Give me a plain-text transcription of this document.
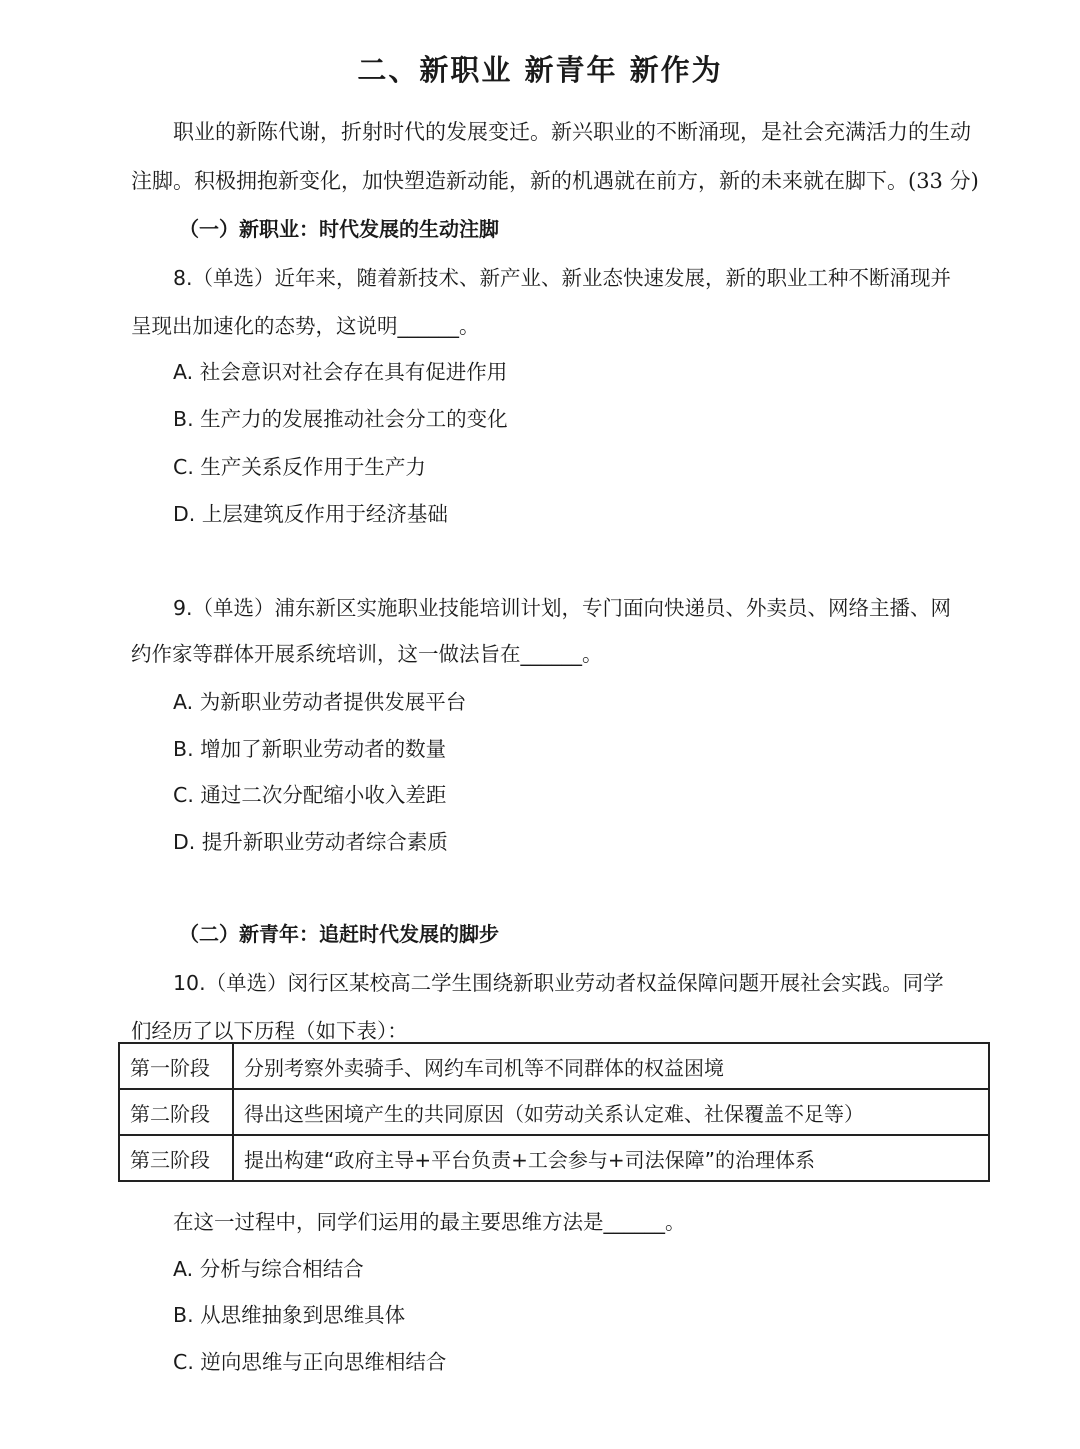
二、新职业 新青年 新作为
职业的新陈代谢，折射时代的发展变迁。新兴职业的不断涌现，是社会充满活力的生动
注脚。积极拥抱新变化，加快塑造新动能，新的机遇就在前方，新的未来就在脚下。(33 分)
（一）新职业：时代发展的生动注脚
8.（单选）近年来，随着新技术、新产业、新业态快速发展，新的职业工种不断涌现并
呈现出加速化的态势，这说明______。
A. 社会意识对社会存在具有促进作用
B. 生产力的发展推动社会分工的变化
C. 生产关系反作用于生产力
D. 上层建筑反作用于经济基础
9.（单选）浦东新区实施职业技能培训计划，专门面向快递员、外卖员、网络主播、网
约作家等群体开展系统培训，这一做法旨在______。
A. 为新职业劳动者提供发展平台
B. 增加了新职业劳动者的数量
C. 通过二次分配缩小收入差距
D. 提升新职业劳动者综合素质
（二）新青年：追赶时代发展的脚步
10.（单选）闵行区某校高二学生围绕新职业劳动者权益保障问题开展社会实践。同学
们经历了以下历程（如下表）：
第一阶段	分别考察外卖骑手、网约车司机等不同群体的权益困境
第二阶段	得出这些困境产生的共同原因（如劳动关系认定难、社保覆盖不足等）
第三阶段	提出构建“政府主导+平台负责+工会参与+司法保障”的治理体系
在这一过程中，同学们运用的最主要思维方法是______。
A. 分析与综合相结合
B. 从思维抽象到思维具体
C. 逆向思维与正向思维相结合
